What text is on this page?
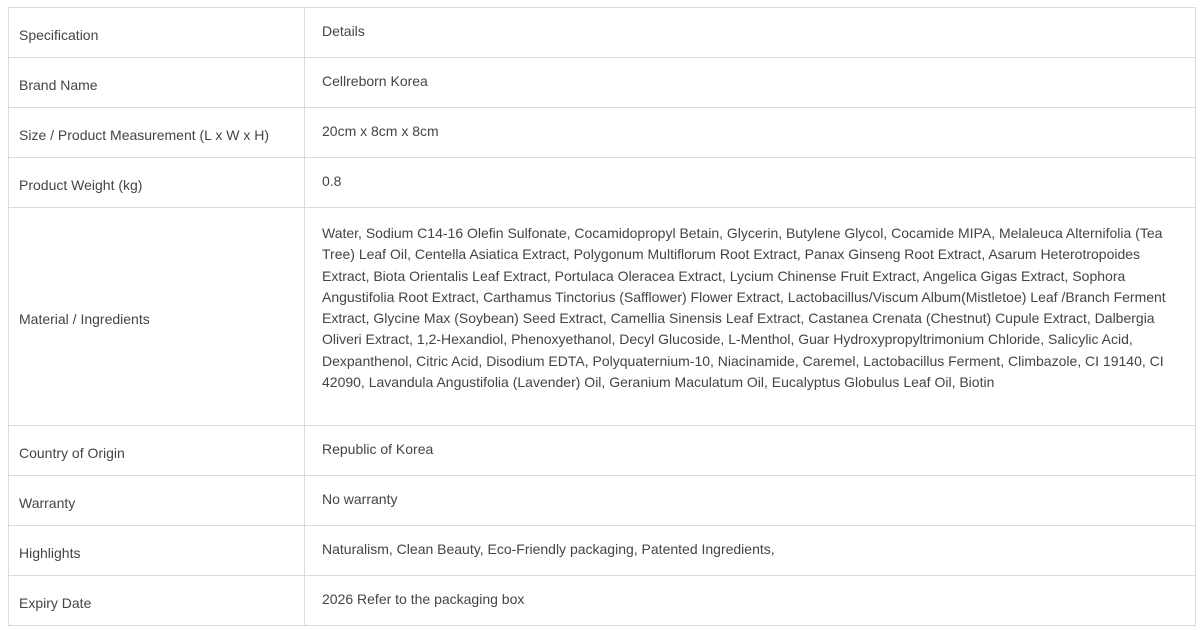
Specification	Details
Brand Name	Cellreborn Korea
Size / Product Measurement (L x W x H)	20cm x 8cm x 8cm
Product Weight (kg)	0.8
Material / Ingredients	Water, Sodium C14-16 Olefin Sulfonate, Cocamidopropyl Betain, Glycerin, Butylene Glycol, Cocamide MIPA, Melaleuca Alternifolia (Tea Tree) Leaf Oil, Centella Asiatica Extract, Polygonum Multiflorum Root Extract, Panax Ginseng Root Extract, Asarum Heterotropoides Extract, Biota Orientalis Leaf Extract, Portulaca Oleracea Extract, Lycium Chinense Fruit Extract, Angelica Gigas Extract, Sophora Angustifolia Root Extract, Carthamus Tinctorius (Safflower) Flower Extract, Lactobacillus/Viscum Album(Mistletoe) Leaf /Branch Ferment Extract, Glycine Max (Soybean) Seed Extract, Camellia Sinensis Leaf Extract, Castanea Crenata (Chestnut) Cupule Extract, Dalbergia Oliveri Extract, 1,2-Hexandiol, Phenoxyethanol, Decyl Glucoside, L-Menthol, Guar Hydroxypropyltrimonium Chloride, Salicylic Acid, Dexpanthenol, Citric Acid, Disodium EDTA, Polyquaternium-10, Niacinamide, Caremel, Lactobacillus Ferment, Climbazole, CI 19140, CI 42090, Lavandula Angustifolia (Lavender) Oil, Geranium Maculatum Oil, Eucalyptus Globulus Leaf Oil, Biotin
Country of Origin	Republic of Korea
Warranty	No warranty
Highlights	Naturalism, Clean Beauty, Eco-Friendly packaging, Patented Ingredients,
Expiry Date	2026 Refer to the packaging box
